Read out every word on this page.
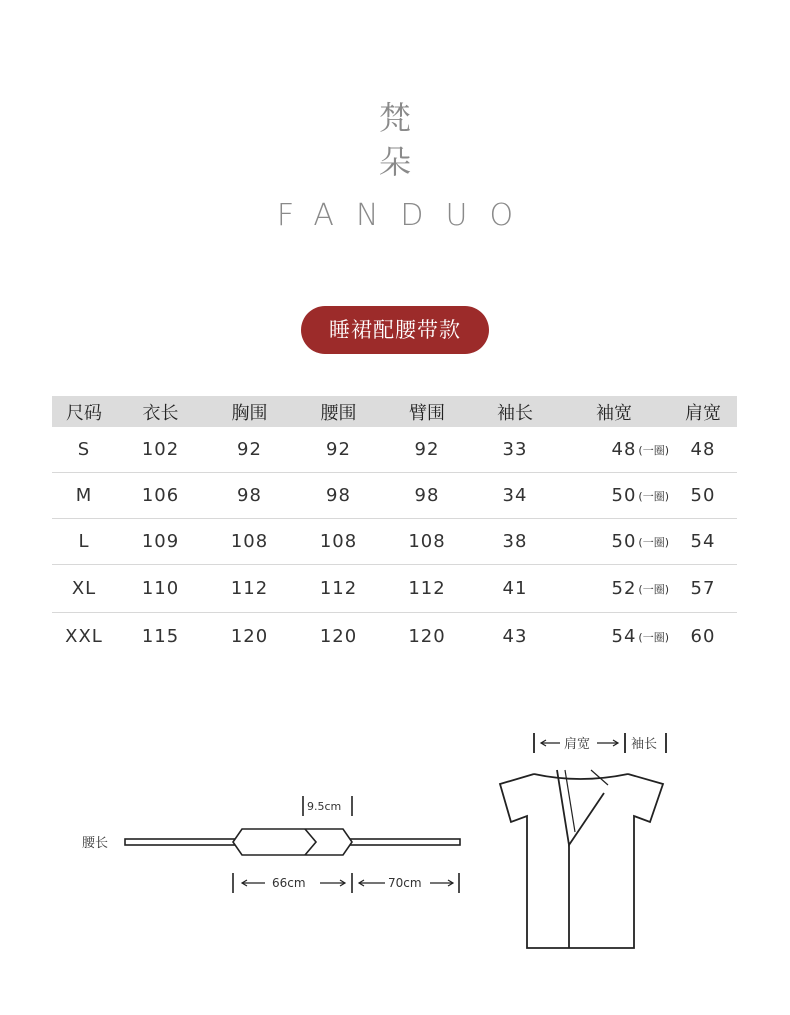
梵
朵
FANDUO
睡裙配腰带款
尺码	衣长	胸围	腰围	臂围	袖长	袖宽	肩宽
S	102	92	92	92	33	48 (一圈)	48
M	106	98	98	98	34	50 (一圈)	50
L	109	108	108	108	38	50 (一圈)	54
XL	110	112	112	112	41	52 (一圈)	57
XXL	115	120	120	120	43	54 (一圈)	60
腰长
9.5cm
66cm	70cm
肩宽	袖长
